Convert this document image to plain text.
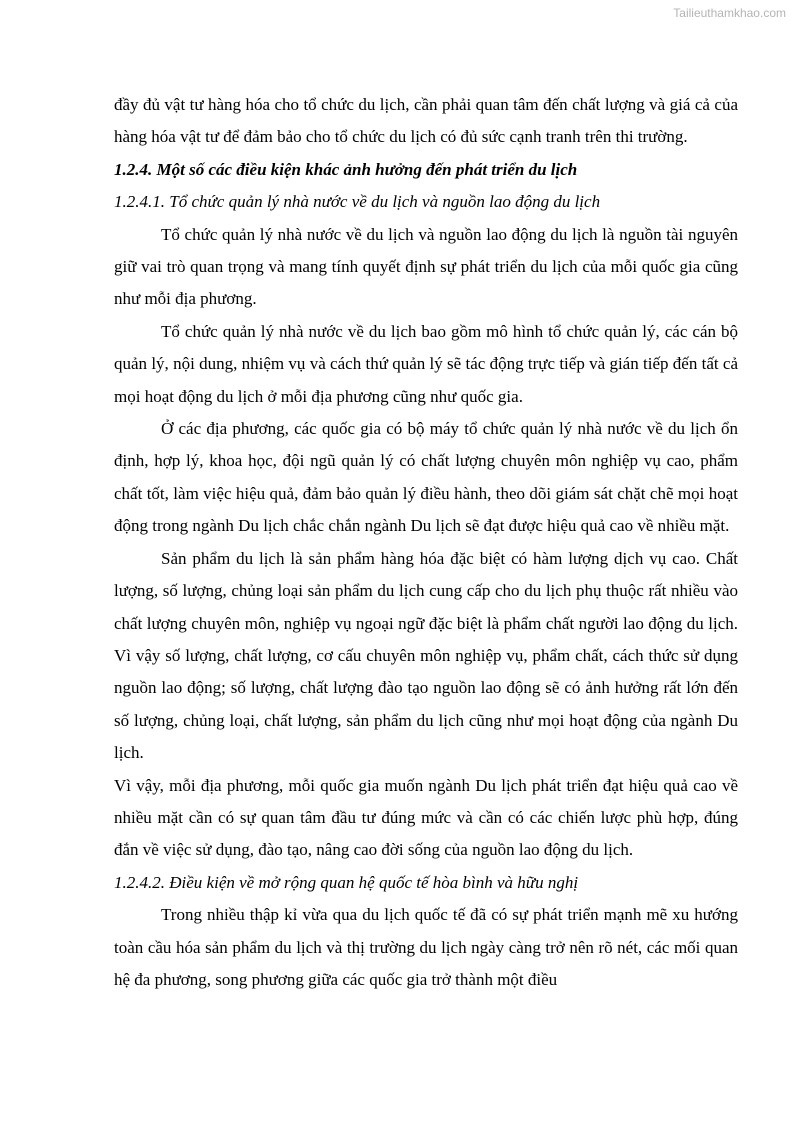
Tailieuthamkhao.com

đầy đủ vật tư hàng hóa cho tổ chức du lịch, cần phải quan tâm đến chất lượng và giá cả của hàng hóa vật tư để đảm bảo cho tổ chức du lịch có đủ sức cạnh tranh trên thi trường.

1.2.4. Một số các điều kiện khác ảnh hưởng đến phát triển du lịch
1.2.4.1. Tổ chức quản lý nhà nước về du lịch và nguồn lao động du lịch

Tổ chức quản lý nhà nước về du lịch và nguồn lao động du lịch là nguồn tài nguyên giữ vai trò quan trọng và mang tính quyết định sự phát triển du lịch của mỗi quốc gia cũng như mỗi địa phương.

Tổ chức quản lý nhà nước về du lịch bao gồm mô hình tổ chức quản lý, các cán bộ quản lý, nội dung, nhiệm vụ và cách thứ quản lý sẽ tác động trực tiếp và gián tiếp đến tất cả mọi hoạt động du lịch ở mỗi địa phương cũng như quốc gia.

Ở các địa phương, các quốc gia có bộ máy tổ chức quản lý nhà nước về du lịch ổn định, hợp lý, khoa học, đội ngũ quản lý có chất lượng chuyên môn nghiệp vụ cao, phẩm chất tốt, làm việc hiệu quả, đảm bảo quản lý điều hành, theo dõi giám sát chặt chẽ mọi hoạt động trong ngành Du lịch chắc chắn ngành Du lịch sẽ đạt được hiệu quả cao về nhiều mặt.

Sản phẩm du lịch là sản phẩm hàng hóa đặc biệt có hàm lượng dịch vụ cao. Chất lượng, số lượng, chủng loại sản phẩm du lịch cung cấp cho du lịch phụ thuộc rất nhiều vào chất lượng chuyên môn, nghiệp vụ ngoại ngữ đặc biệt là phẩm chất người lao động du lịch. Vì vậy số lượng, chất lượng, cơ cấu chuyên môn nghiệp vụ, phẩm chất, cách thức sử dụng nguồn lao động; số lượng, chất lượng đào tạo nguồn lao động sẽ có ảnh hưởng rất lớn đến số lượng, chủng loại, chất lượng, sản phẩm du lịch cũng như mọi hoạt động của ngành Du lịch.

Vì vậy, mỗi địa phương, mỗi quốc gia muốn ngành Du lịch phát triển đạt hiệu quả cao về nhiều mặt cần có sự quan tâm đầu tư đúng mức và cần có các chiến lược phù hợp, đúng đắn về việc sử dụng, đào tạo, nâng cao đời sống của nguồn lao động du lịch.

1.2.4.2. Điều kiện về mở rộng quan hệ quốc tế hòa bình và hữu nghị

Trong nhiều thập kỉ vừa qua du lịch quốc tế đã có sự phát triển mạnh mẽ xu hướng toàn cầu hóa sản phẩm du lịch và thị trường du lịch ngày càng trở nên rõ nét, các mối quan hệ đa phương, song phương giữa các quốc gia trở thành một điều
